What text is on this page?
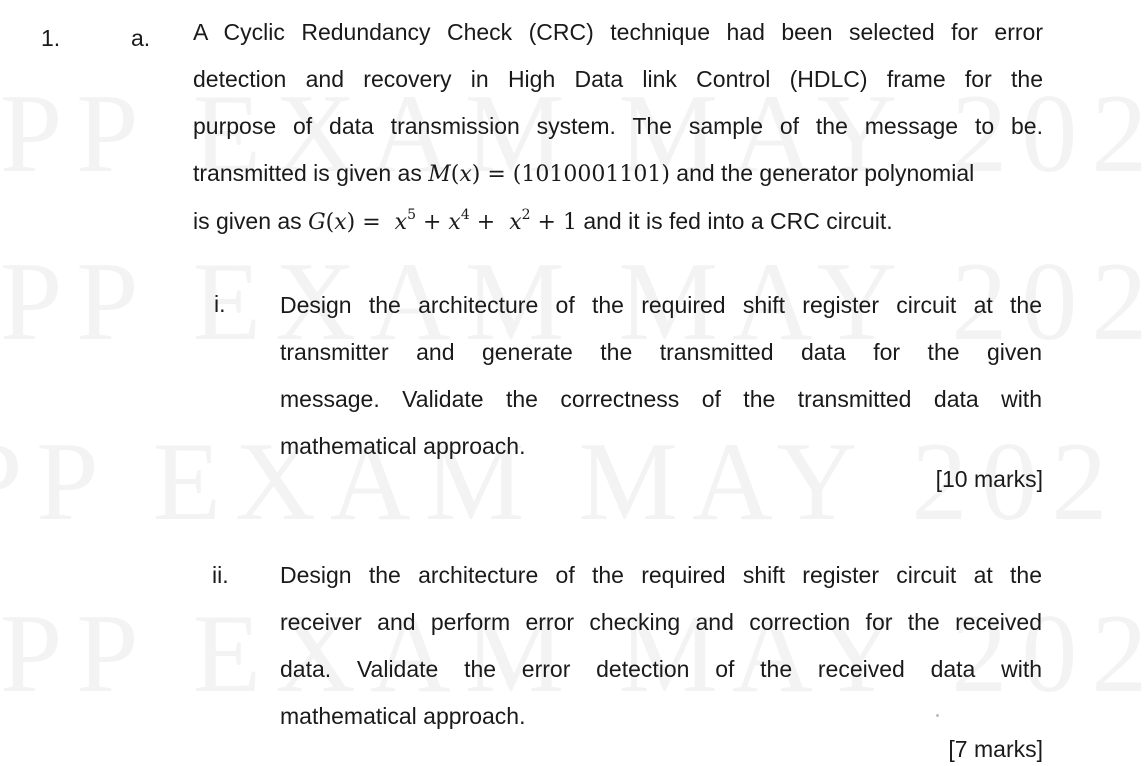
1.	a. A Cyclic Redundancy Check (CRC) technique had been selected for error
detection and recovery in High Data link Control (HDLC) frame for the
purpose of data transmission system. The sample of the message to be.
transmitted is given as M(x) = (1010001101) and the generator polynomial
is given as $G(x) = x^5 + x^4 + x^2 + 1$ and it is fed into a CRC circuit.
i. Design the architecture of the required shift register circuit at the
transmitter and generate the transmitted data for the given
message. Validate the correctness of the transmitted data with
mathematical approach.
[10 marks]
ii. Design the architecture of the required shift register circuit at the
receiver and perform error checking and correction for the received
data. Validate the error detection of the received data with
mathematical approach.
[7 marks]
